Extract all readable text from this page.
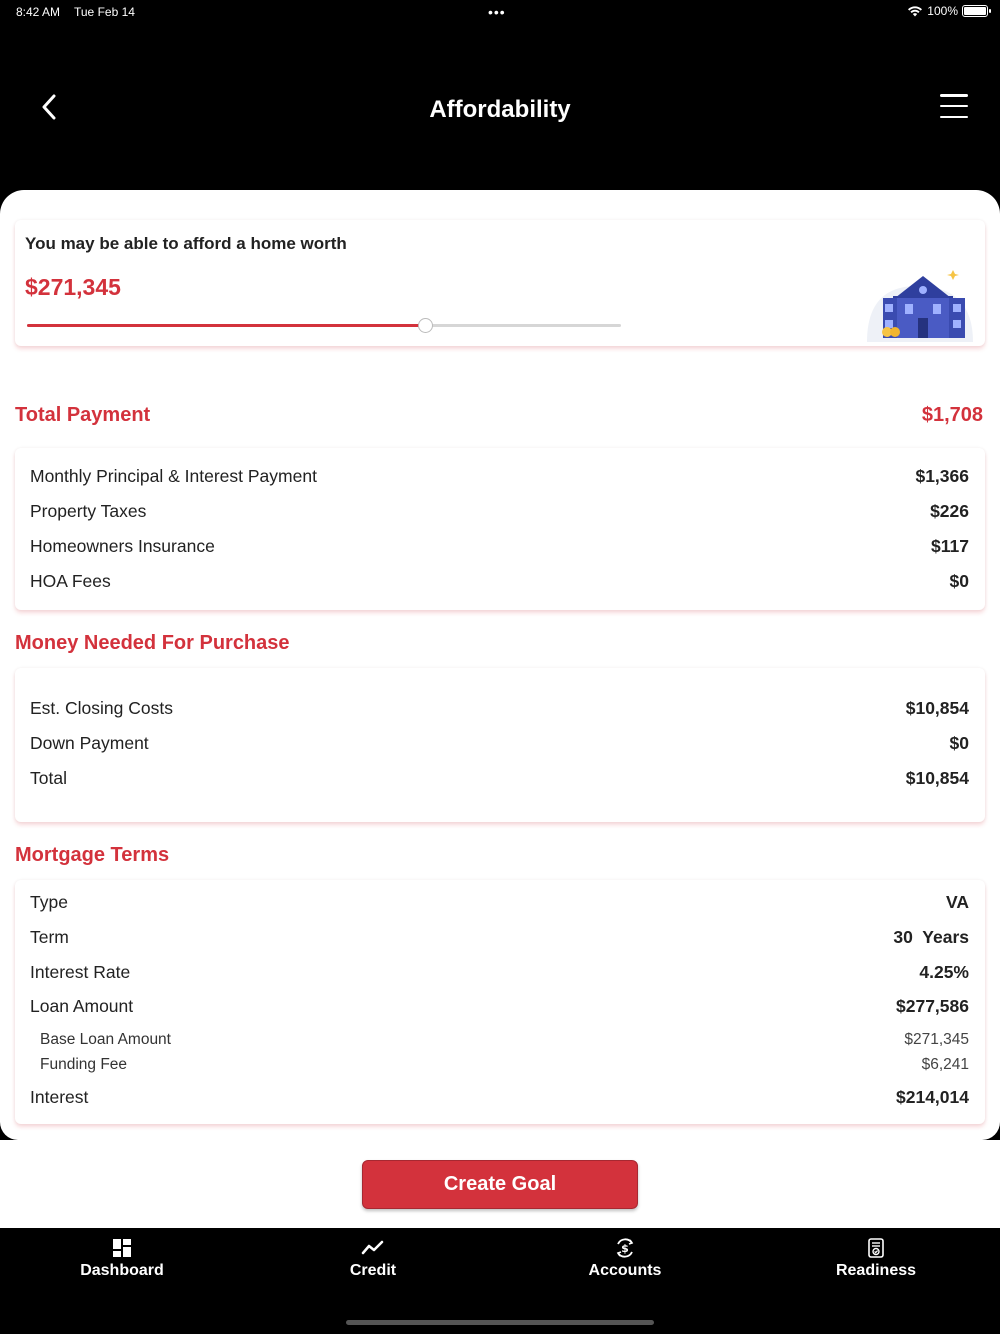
8:42 AM Tue Feb 14	•••	100%
Affordability
You may be able to afford a home worth
$271,345
Total Payment	$1,708
Monthly Principal & Interest Payment	$1,366
Property Taxes	$226
Homeowners Insurance	$117
HOA Fees	$0
Money Needed For Purchase
Est. Closing Costs	$10,854
Down Payment	$0
Total	$10,854
Mortgage Terms
Type	VA
Term	30  Years
Interest Rate	4.25%
Loan Amount	$277,586
Base Loan Amount	$271,345
Funding Fee	$6,241
Interest	$214,014
Create Goal
Dashboard	Credit
$
Accounts	Readiness
